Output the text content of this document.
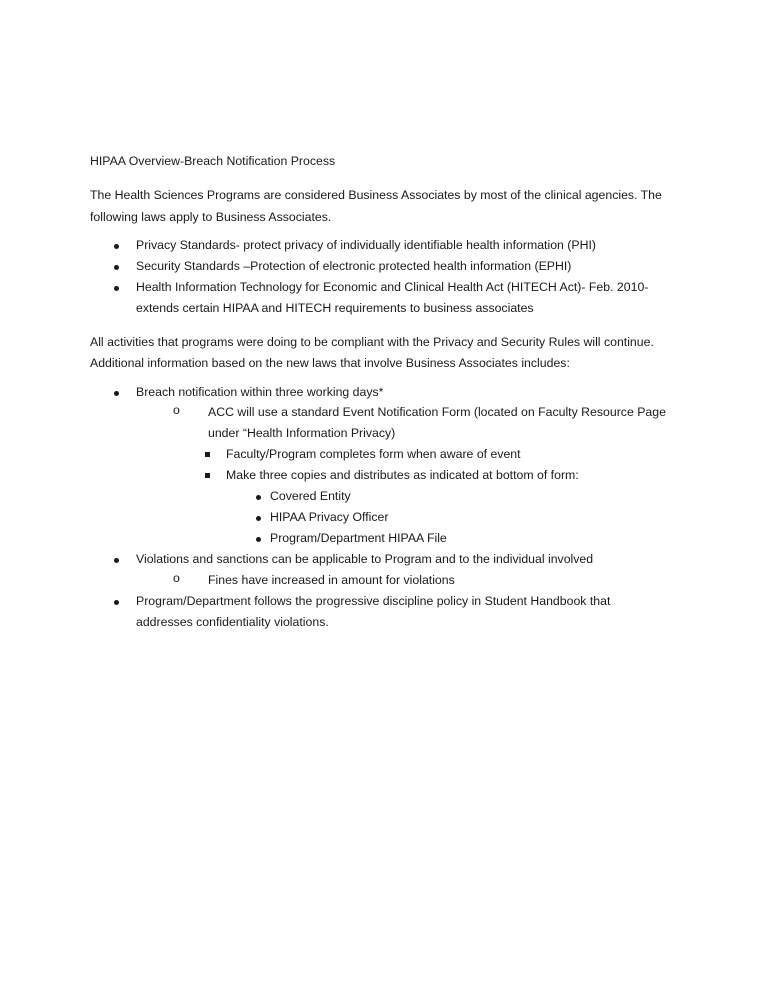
HIPAA Overview-Breach Notification Process
The Health Sciences Programs are considered Business Associates by most of the clinical agencies. The
following laws apply to Business Associates.
Privacy Standards- protect privacy of individually identifiable health information (PHI)
Security Standards –Protection of electronic protected health information (EPHI)
Health Information Technology for Economic and Clinical Health Act (HITECH Act)- Feb. 2010-
extends certain HIPAA and HITECH requirements to business associates
All activities that programs were doing to be compliant with the Privacy and Security Rules will continue.
Additional information based on the new laws that involve Business Associates includes:
Breach notification within three working days*
o ACC will use a standard Event Notification Form (located on Faculty Resource Page
under “Health Information Privacy)
Faculty/Program completes form when aware of event
Make three copies and distributes as indicated at bottom of form:
Covered Entity
HIPAA Privacy Officer
Program/Department HIPAA File
Violations and sanctions can be applicable to Program and to the individual involved
o Fines have increased in amount for violations
Program/Department follows the progressive discipline policy in Student Handbook that
addresses confidentiality violations.
